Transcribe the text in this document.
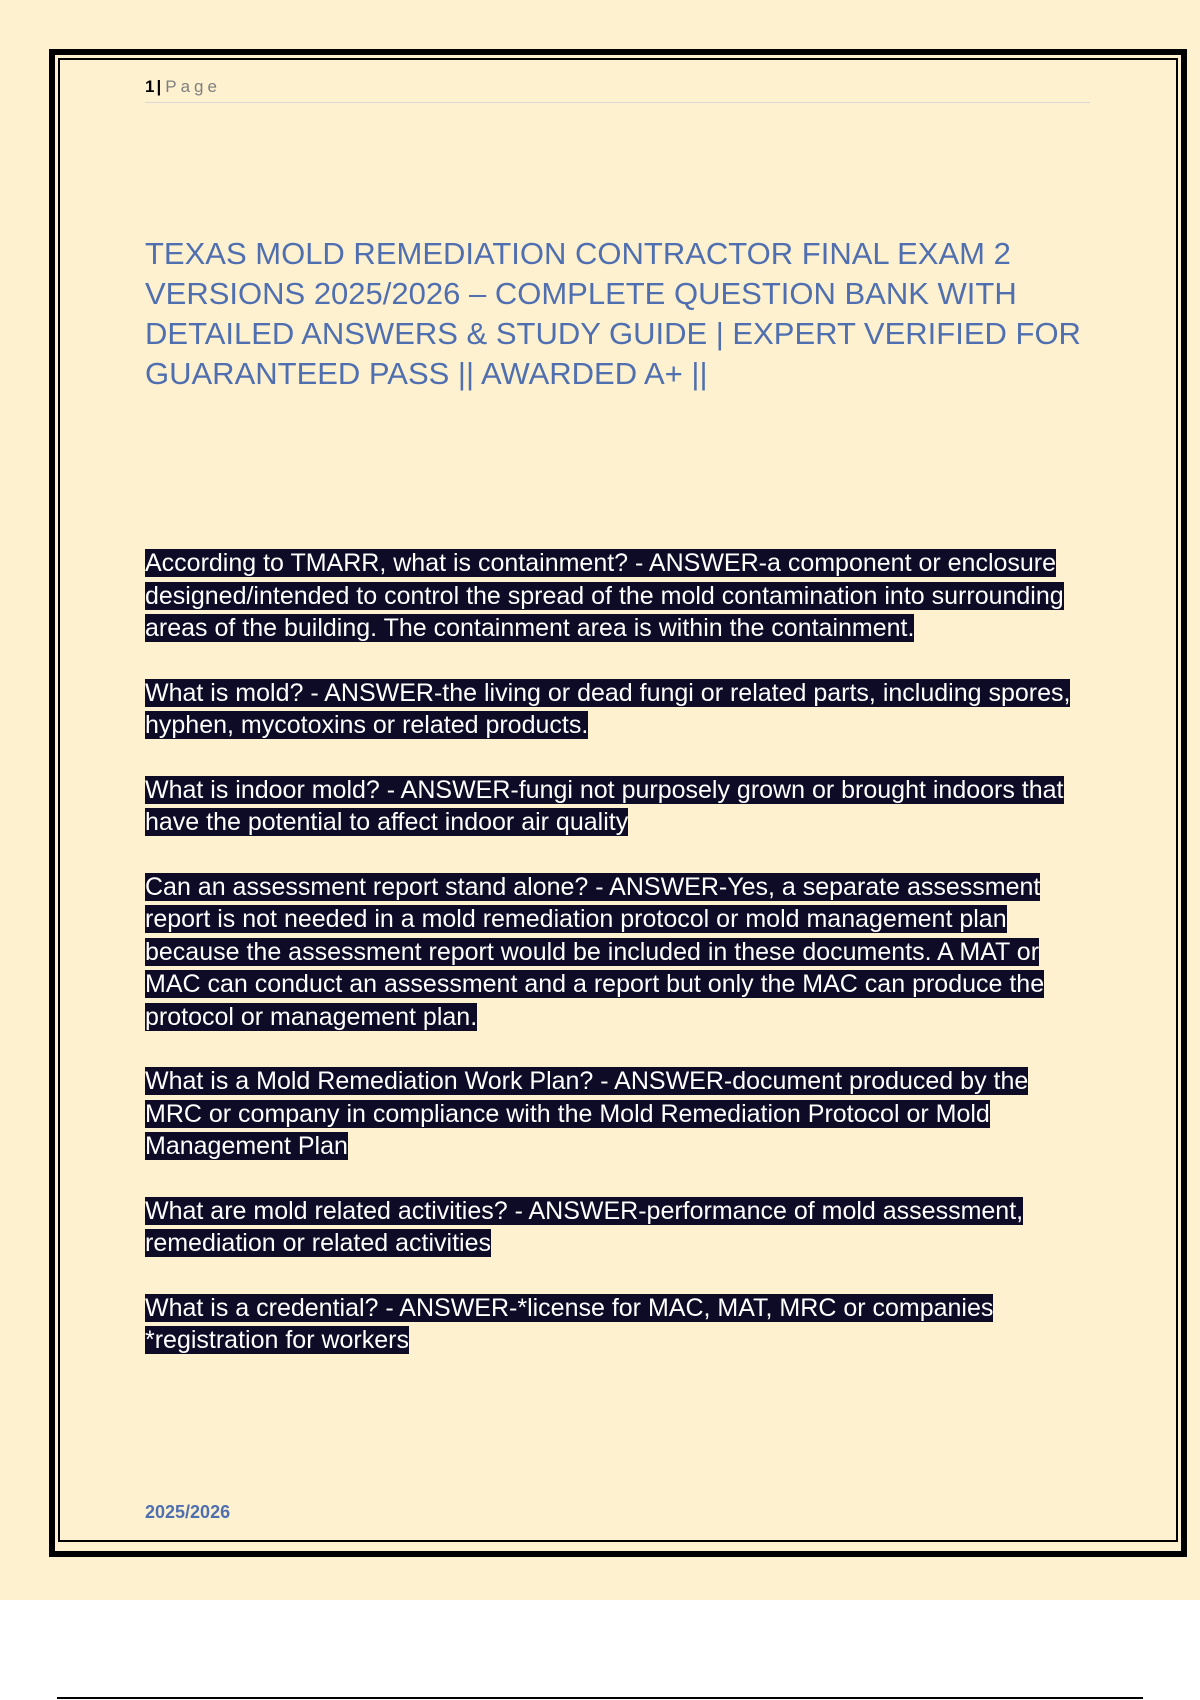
1 | Page
TEXAS MOLD REMEDIATION CONTRACTOR FINAL EXAM 2 VERSIONS 2025/2026 – COMPLETE QUESTION BANK WITH DETAILED ANSWERS & STUDY GUIDE | EXPERT VERIFIED FOR GUARANTEED PASS || AWARDED A+ ||

According to TMARR, what is containment? - ANSWER-a component or enclosure designed/intended to control the spread of the mold contamination into surrounding areas of the building. The containment area is within the containment.

What is mold? - ANSWER-the living or dead fungi or related parts, including spores, hyphen, mycotoxins or related products.

What is indoor mold? - ANSWER-fungi not purposely grown or brought indoors that have the potential to affect indoor air quality

Can an assessment report stand alone? - ANSWER-Yes, a separate assessment report is not needed in a mold remediation protocol or mold management plan because the assessment report would be included in these documents. A MAT or MAC can conduct an assessment and a report but only the MAC can produce the protocol or management plan.

What is a Mold Remediation Work Plan? - ANSWER-document produced by the MRC or company in compliance with the Mold Remediation Protocol or Mold Management Plan

What are mold related activities? - ANSWER-performance of mold assessment, remediation or related activities

What is a credential? - ANSWER-*license for MAC, MAT, MRC or companies
*registration for workers

2025/2026
